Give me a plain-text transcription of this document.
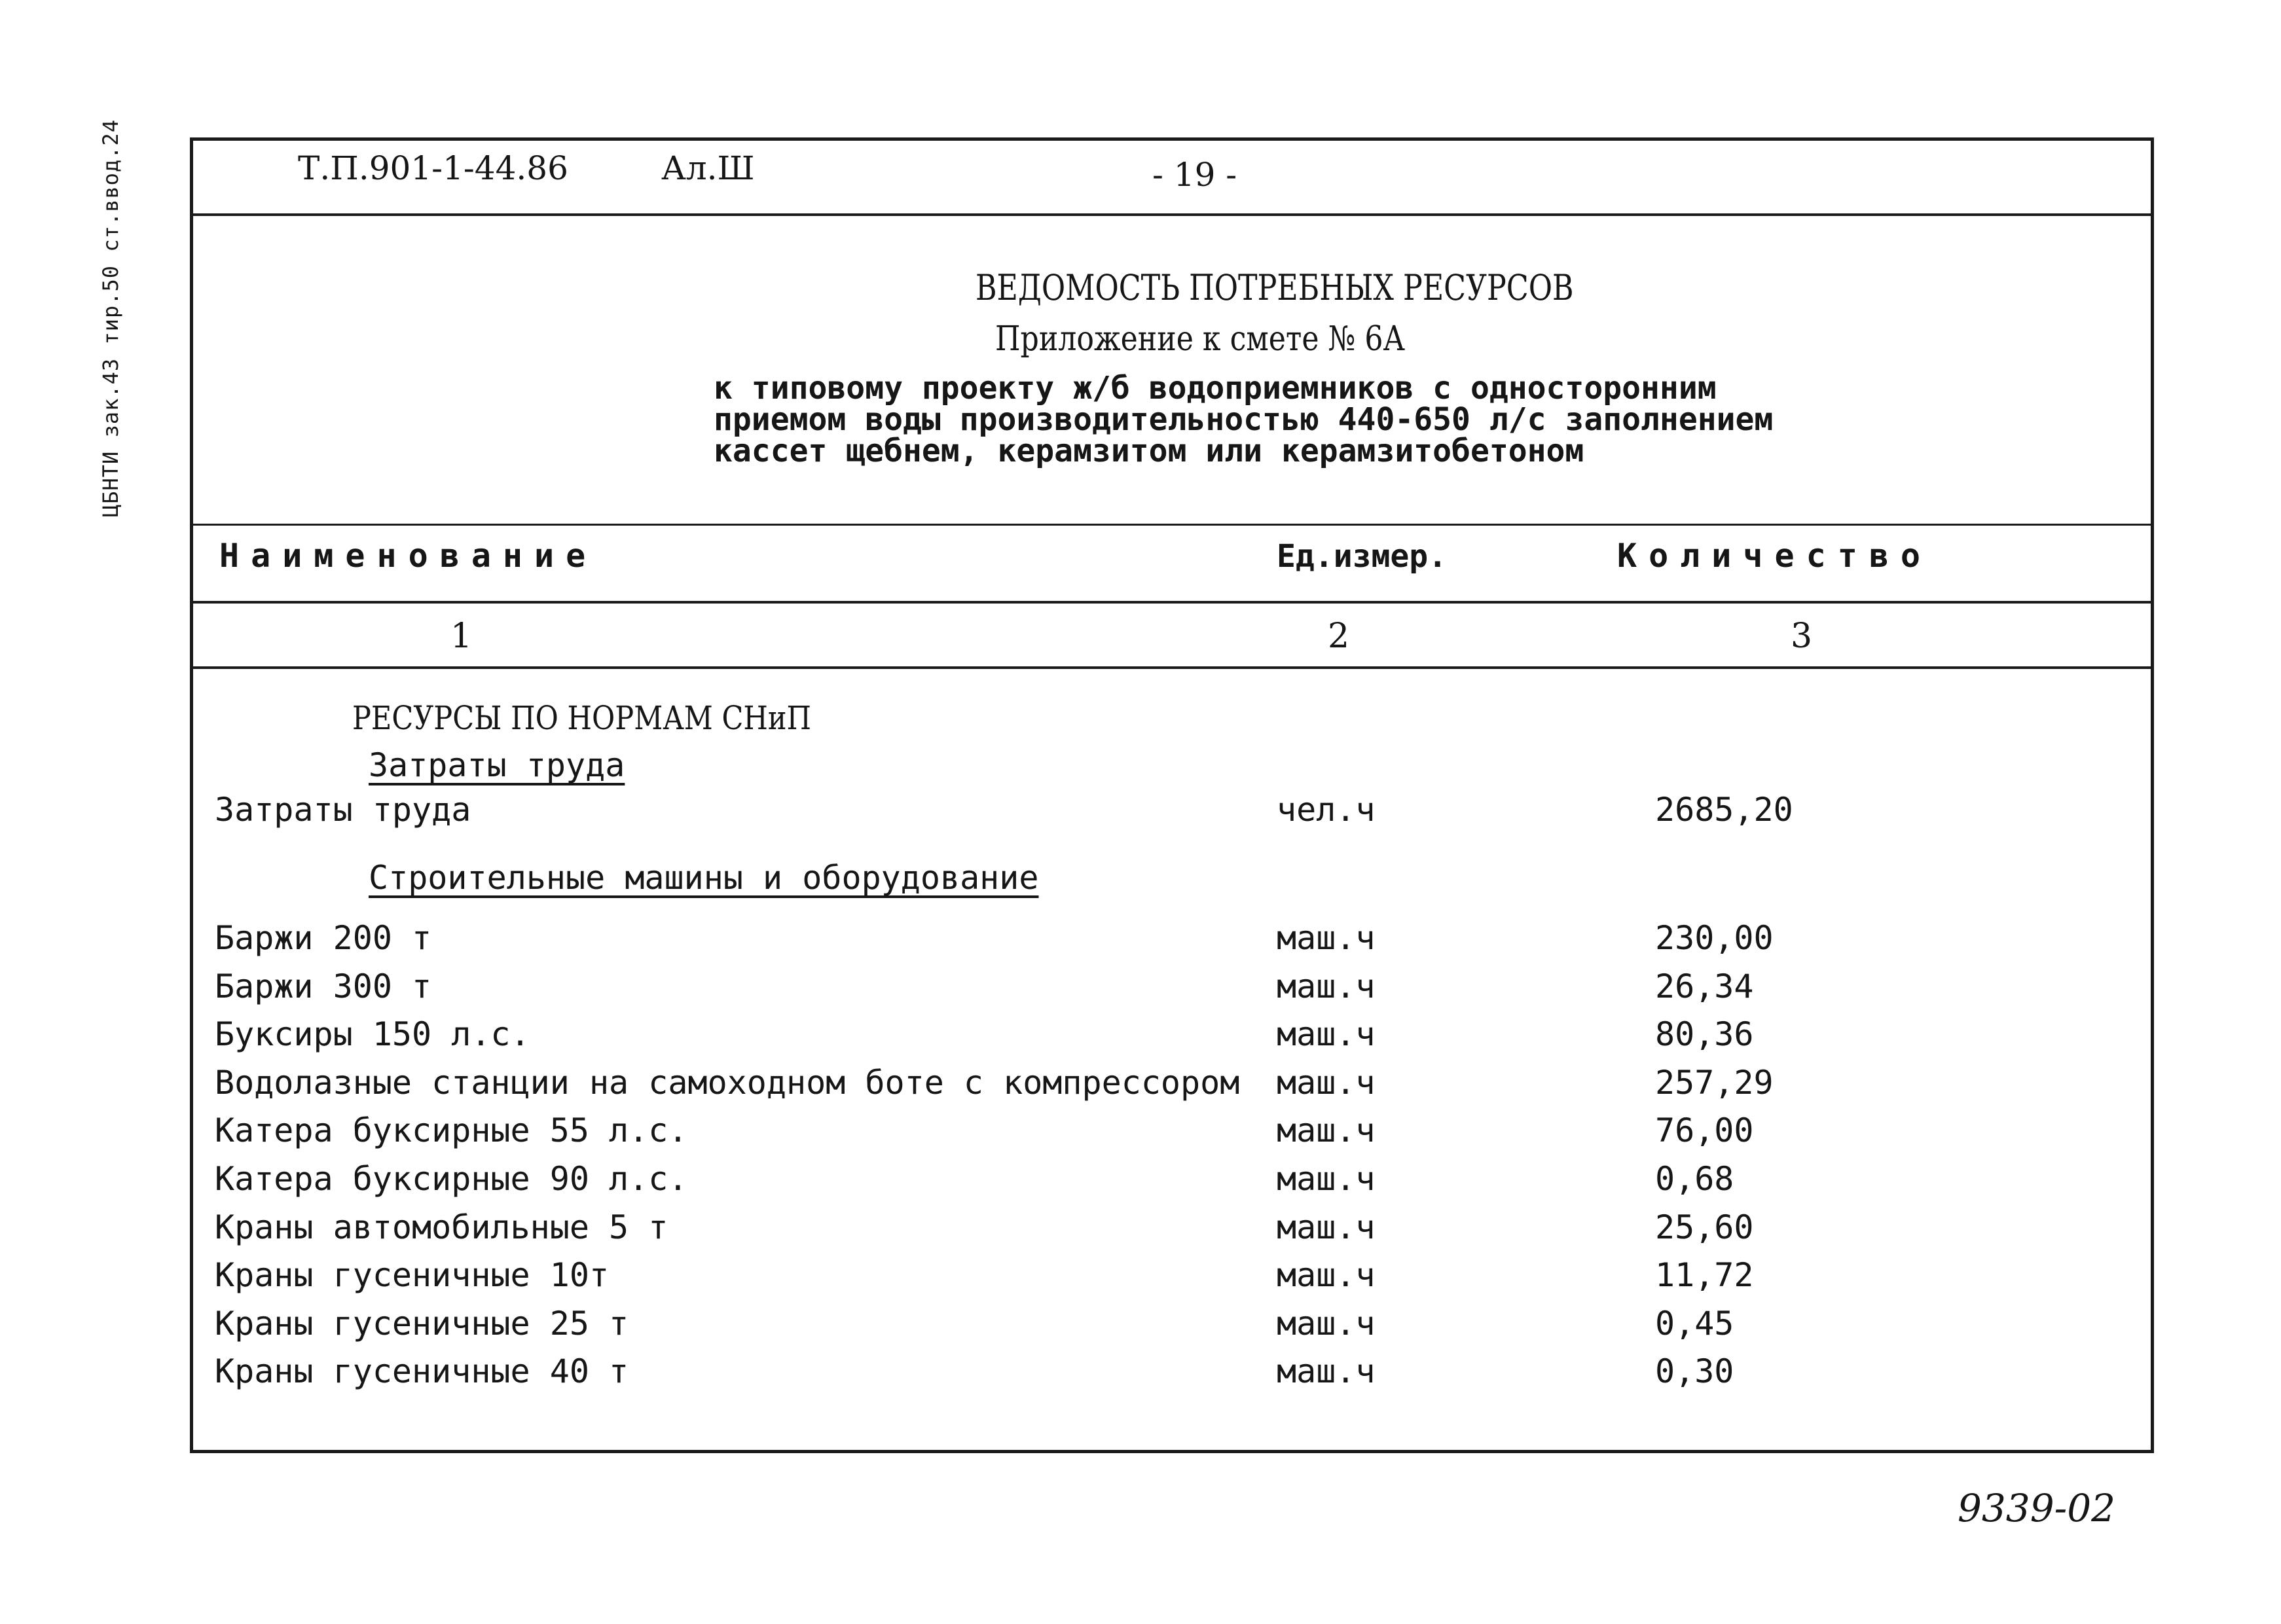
ЦБНТИ зак.43 тир.50 ст.ввод.24	Т.П.901-1-44.86	Ал.Ш	- 19 -
ВЕДОМОСТЬ ПОТРЕБНЫХ РЕСУРСОВ
Приложение к смете № 6А
к типовому проекту ж/б водоприемников с односторонним
приемом воды производительностью 440-650 л/с заполнением
кассет щебнем, керамзитом или керамзитобетоном
Наименование	Ед.измер.	Количество
1	2	3
РЕСУРСЫ ПО НОРМАМ СНиП
Затраты труда
Затраты труда	чел.ч	2685,20
Строительные машины и оборудование
Баржи 200 т	маш.ч	230,00
Баржи 300 т	маш.ч	26,34
Буксиры 150 л.с.	маш.ч	80,36
Водолазные станции на самоходном боте с компрессором маш.ч	257,29
Катера буксирные 55 л.с.	маш.ч	76,00
Катера буксирные 90 л.с.	маш.ч	0,68
Краны автомобильные 5 т	маш.ч	25,60
Краны гусеничные 10т	маш.ч	11,72
Краны гусеничные 25 т	маш.ч	0,45
Краны гусеничные 40 т	маш.ч	0,30
9339-02
